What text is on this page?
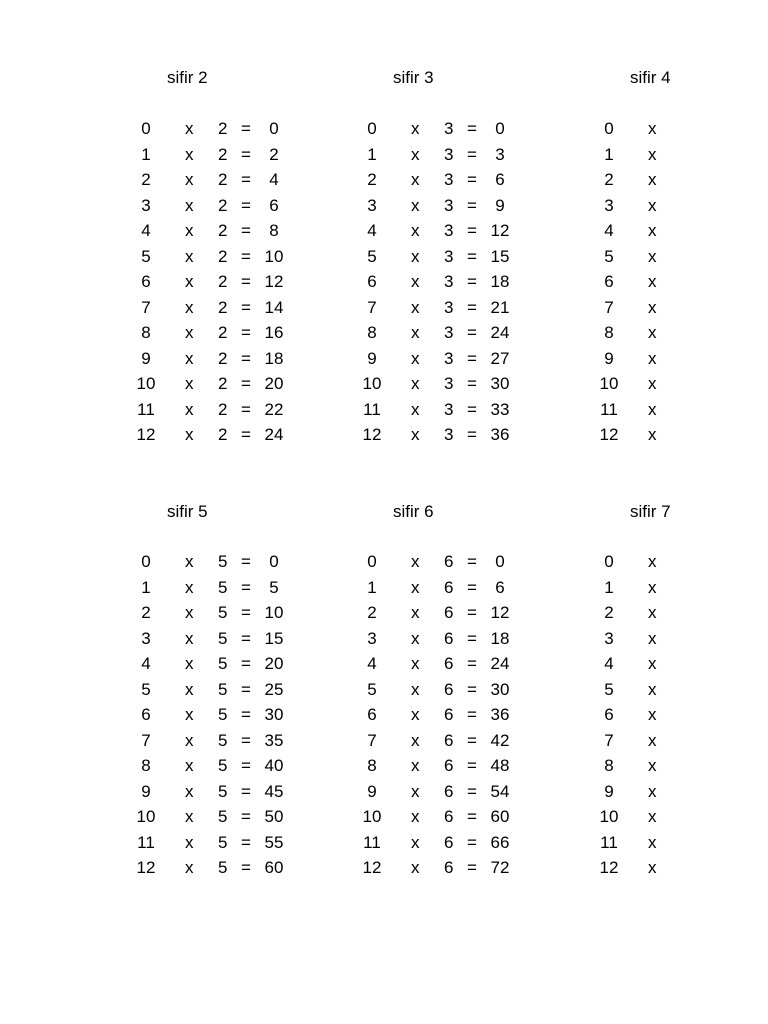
sifir 2
0	x 2 =	0
1	x 2 =	2
2	x 2 =	4
3	x 2 =	6
4	x 2 =	8
5	x 2 = 10
6	x 2 = 12
7	x 2 = 14
8	x 2 = 16
9	x 2 = 18
10	x 2 = 20
11	x 2 = 22
12	x 2 = 24
sifir 3
0	x 3 =	0
1	x 3 =	3
2	x 3 =	6
3	x 3 =	9
4	x 3 = 12
5	x 3 = 15
6	x 3 = 18
7	x 3 = 21
8	x 3 = 24
9	x 3 = 27
10	x 3 = 30
11	x 3 = 33
12	x 3 = 36
sifir 4
0	x
1	x
2	x
3	x
4	x
5	x
6	x
7	x
8	x
9	x
10	x
11	x
12	x
sifir 5
0	x 5 =	0
1	x 5 =	5
2	x 5 = 10
3	x 5 = 15
4	x 5 = 20
5	x 5 = 25
6	x 5 = 30
7	x 5 = 35
8	x 5 = 40
9	x 5 = 45
10	x 5 = 50
11	x 5 = 55
12	x 5 = 60
sifir 6
0	x 6 =	0
1	x 6 =	6
2	x 6 = 12
3	x 6 = 18
4	x 6 = 24
5	x 6 = 30
6	x 6 = 36
7	x 6 = 42
8	x 6 = 48
9	x 6 = 54
10	x 6 = 60
11	x 6 = 66
12	x 6 = 72
sifir 7
0	x
1	x
2	x
3	x
4	x
5	x
6	x
7	x
8	x
9	x
10	x
11	x
12	x
